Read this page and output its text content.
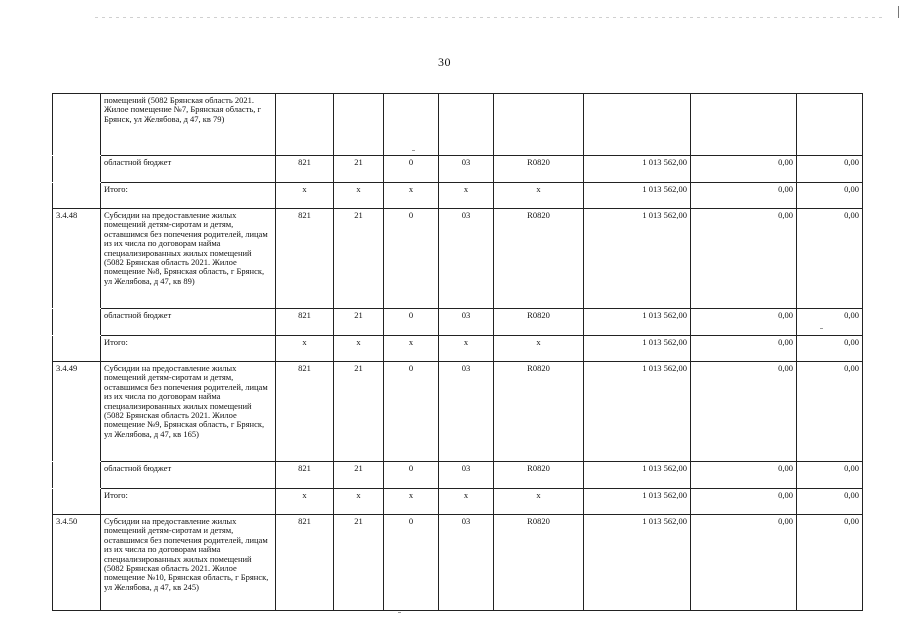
30
	помещений (5082 Брянская область 2021. Жилое помещение №7, Брянская область, г Брянск, ул Желябова, д 47, кв 79)								
	областной бюджет	821	21	0	03	R0820	1 013 562,00	0,00	0,00
	Итого:	х	х	х	х	х	1 013 562,00	0,00	0,00
3.4.48	Субсидии на предоставление жилых помещений детям-сиротам и детям, оставшимся без попечения родителей, лицам из их числа по договорам найма специализированных жилых помещений (5082 Брянская область 2021. Жилое помещение №8, Брянская область, г Брянск, ул Желябова, д 47, кв 89)	821	21	0	03	R0820	1 013 562,00	0,00	0,00
	областной бюджет	821	21	0	03	R0820	1 013 562,00	0,00	0,00
	Итого:	х	х	х	х	х	1 013 562,00	0,00	0,00
3.4.49	Субсидии на предоставление жилых помещений детям-сиротам и детям, оставшимся без попечения родителей, лицам из их числа по договорам найма специализированных жилых помещений (5082 Брянская область 2021. Жилое помещение №9, Брянская область, г Брянск, ул Желябова, д 47, кв 165)	821	21	0	03	R0820	1 013 562,00	0,00	0,00
	областной бюджет	821	21	0	03	R0820	1 013 562,00	0,00	0,00
	Итого:	х	х	х	х	х	1 013 562,00	0,00	0,00
3.4.50	Субсидии на предоставление жилых помещений детям-сиротам и детям, оставшимся без попечения родителей, лицам из их числа по договорам найма специализированных жилых помещений (5082 Брянская область 2021. Жилое помещение №10, Брянская область, г Брянск, ул Желябова, д 47, кв 245)	821	21	0	03	R0820	1 013 562,00	0,00	0,00
